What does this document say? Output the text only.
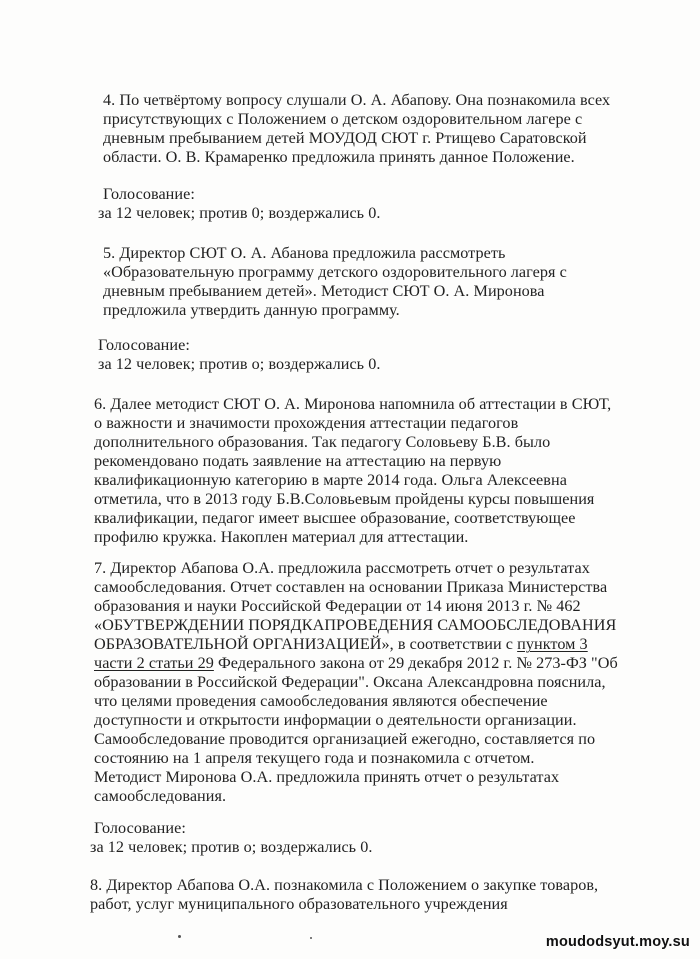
4. По четвёртому вопросу слушали О. А. Абапову. Она познакомила всех
присутствующих с Положением о детском оздоровительном лагере с
дневным пребыванием детей МОУДОД СЮТ г. Ртищево Саратовской
области. О. В. Крамаренко предложила принять данное Положение.
Голосование:
за 12 человек; против 0; воздержались 0.
5. Директор СЮТ О. А. Абанова предложила рассмотреть
«Образовательную программу детского оздоровительного лагеря с
дневным пребыванием детей». Методист СЮТ О. А. Миронова
предложила утвердить данную программу.
Голосование:
за 12 человек; против о; воздержались 0.
6. Далее методист СЮТ О. А. Миронова напомнила об аттестации в СЮТ,
о важности и значимости прохождения аттестации педагогов
дополнительного образования. Так педагогу Соловьеву Б.В. было
рекомендовано подать заявление на аттестацию на первую
квалификационную категорию в марте 2014 года. Ольга Алексеевна
отметила, что в 2013 году Б.В.Соловьевым пройдены курсы повышения
квалификации, педагог имеет высшее образование, соответствующее
профилю кружка. Накоплен материал для аттестации.
7. Директор Абапова О.А. предложила рассмотреть отчет о результатах
самообследования. Отчет составлен на основании Приказа Министерства
образования и науки Российской Федерации от 14 июня 2013 г. № 462
«ОБУТВЕРЖДЕНИИ ПОРЯДКАПРОВЕДЕНИЯ САМООБСЛЕДОВАНИЯ
ОБРАЗОВАТЕЛЬНОЙ ОРГАНИЗАЦИЕЙ», в соответствии с пунктом 3
части 2 статьи 29 Федерального закона от 29 декабря 2012 г. № 273-ФЗ "Об
образовании в Российской Федерации". Оксана Александровна пояснила,
что целями проведения самообследования являются обеспечение
доступности и открытости информации о деятельности организации.
Самообследование проводится организацией ежегодно, составляется по
состоянию на 1 апреля текущего года и познакомила с отчетом.
Методист Миронова О.А. предложила принять отчет о результатах
самообследования.
Голосование:
за 12 человек; против о; воздержались 0.
8. Директор Абапова О.А. познакомила с Положением о закупке товаров,
работ, услуг муниципального образовательного учреждения
moudodsyut.moy.su
